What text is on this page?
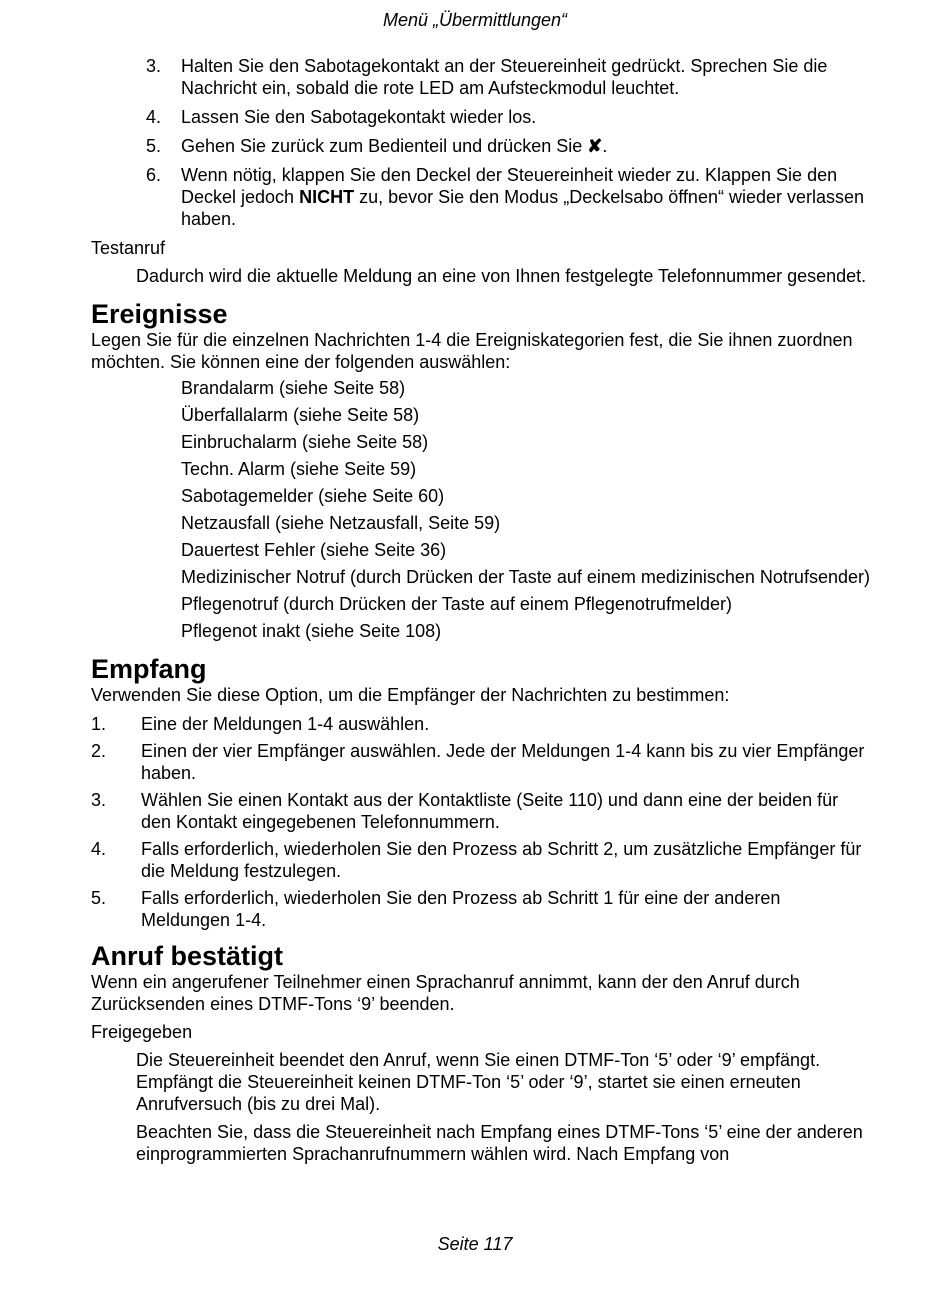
Menü „Übermittlungen“
3. Halten Sie den Sabotagekontakt an der Steuereinheit gedrückt. Sprechen Sie die Nachricht ein, sobald die rote LED am Aufsteckmodul leuchtet.
4. Lassen Sie den Sabotagekontakt wieder los.
5. Gehen Sie zurück zum Bedienteil und drücken Sie ✘.
6. Wenn nötig, klappen Sie den Deckel der Steuereinheit wieder zu. Klappen Sie den Deckel jedoch NICHT zu, bevor Sie den Modus „Deckelsabo öffnen“ wieder verlassen haben.
Testanruf

Dadurch wird die aktuelle Meldung an eine von Ihnen festgelegte Telefonnummer gesendet.

Ereignisse

Legen Sie für die einzelnen Nachrichten 1-4 die Ereigniskategorien fest, die Sie ihnen zuordnen möchten. Sie können eine der folgenden auswählen:

Brandalarm (siehe Seite 58)
Überfallalarm (siehe Seite 58)
Einbruchalarm (siehe Seite 58)
Techn. Alarm (siehe Seite 59)
Sabotagemelder (siehe Seite 60)
Netzausfall (siehe Netzausfall, Seite 59)
Dauertest Fehler (siehe Seite 36)
Medizinischer Notruf (durch Drücken der Taste auf einem medizinischen Notrufsender)
Pflegenotruf (durch Drücken der Taste auf einem Pflegenotrufmelder)
Pflegenot inakt (siehe Seite 108)
Empfang

Verwenden Sie diese Option, um die Empfänger der Nachrichten zu bestimmen:

1. Eine der Meldungen 1-4 auswählen.
2. Einen der vier Empfänger auswählen. Jede der Meldungen 1-4 kann bis zu vier Empfänger haben.
3. Wählen Sie einen Kontakt aus der Kontaktliste (Seite 110) und dann eine der beiden für den Kontakt eingegebenen Telefonnummern.
4. Falls erforderlich, wiederholen Sie den Prozess ab Schritt 2, um zusätzliche Empfänger für die Meldung festzulegen.
5. Falls erforderlich, wiederholen Sie den Prozess ab Schritt 1 für eine der anderen Meldungen 1-4.
Anruf bestätigt

Wenn ein angerufener Teilnehmer einen Sprachanruf annimmt, kann der den Anruf durch Zurücksenden eines DTMF-Tons ‘9’ beenden.

Freigegeben

Die Steuereinheit beendet den Anruf, wenn Sie einen DTMF-Ton ‘5’ oder ‘9’ empfängt. Empfängt die Steuereinheit keinen DTMF-Ton ‘5’ oder ‘9’, startet sie einen erneuten Anrufversuch (bis zu drei Mal).

Beachten Sie, dass die Steuereinheit nach Empfang eines DTMF-Tons ‘5’ eine der anderen einprogrammierten Sprachanrufnummern wählen wird. Nach Empfang von

Seite 117
